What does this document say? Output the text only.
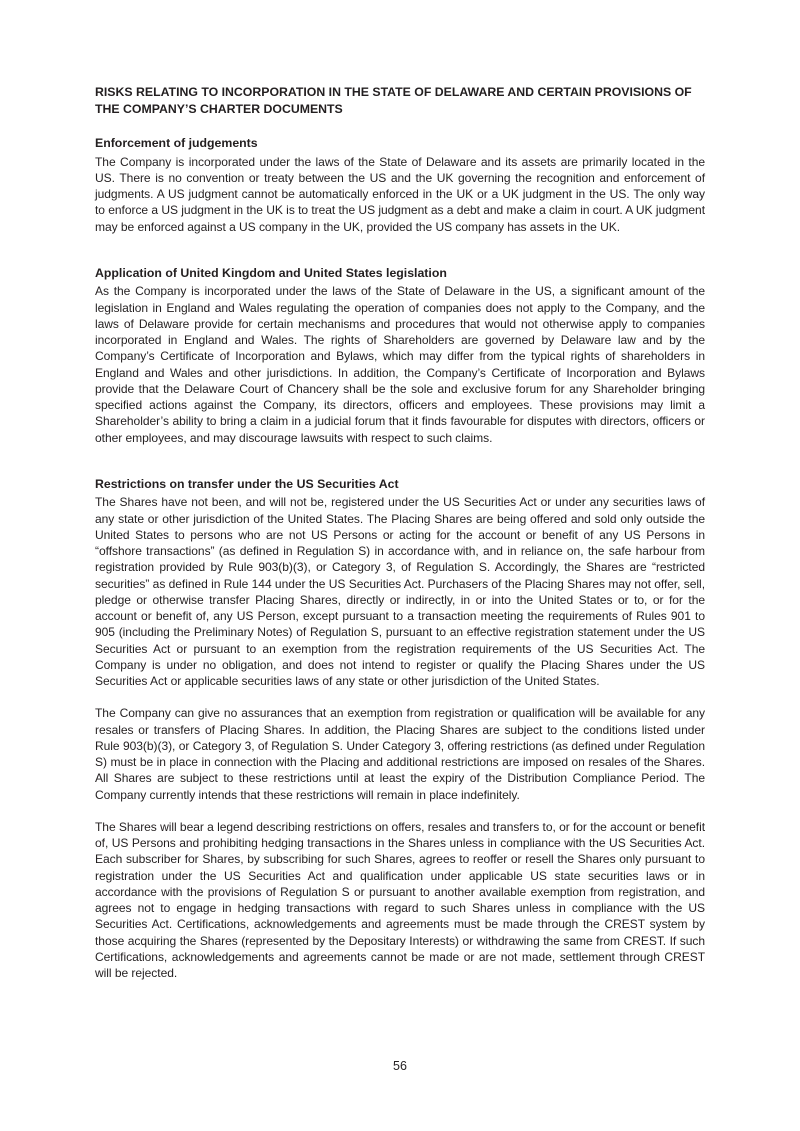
RISKS RELATING TO INCORPORATION IN THE STATE OF DELAWARE AND CERTAIN PROVISIONS OF THE COMPANY’S CHARTER DOCUMENTS
Enforcement of judgements

The Company is incorporated under the laws of the State of Delaware and its assets are primarily located in the US. There is no convention or treaty between the US and the UK governing the recognition and enforcement of judgments. A US judgment cannot be automatically enforced in the UK or a UK judgment in the US. The only way to enforce a US judgment in the UK is to treat the US judgment as a debt and make a claim in court. A UK judgment may be enforced against a US company in the UK, provided the US company has assets in the UK.

Application of United Kingdom and United States legislation

As the Company is incorporated under the laws of the State of Delaware in the US, a significant amount of the legislation in England and Wales regulating the operation of companies does not apply to the Company, and the laws of Delaware provide for certain mechanisms and procedures that would not otherwise apply to companies incorporated in England and Wales. The rights of Shareholders are governed by Delaware law and by the Company’s Certificate of Incorporation and Bylaws, which may differ from the typical rights of shareholders in England and Wales and other jurisdictions. In addition, the Company’s Certificate of Incorporation and Bylaws provide that the Delaware Court of Chancery shall be the sole and exclusive forum for any Shareholder bringing specified actions against the Company, its directors, officers and employees. These provisions may limit a Shareholder’s ability to bring a claim in a judicial forum that it finds favourable for disputes with directors, officers or other employees, and may discourage lawsuits with respect to such claims.

Restrictions on transfer under the US Securities Act

The Shares have not been, and will not be, registered under the US Securities Act or under any securities laws of any state or other jurisdiction of the United States. The Placing Shares are being offered and sold only outside the United States to persons who are not US Persons or acting for the account or benefit of any US Persons in “offshore transactions” (as defined in Regulation S) in accordance with, and in reliance on, the safe harbour from registration provided by Rule 903(b)(3), or Category 3, of Regulation S. Accordingly, the Shares are “restricted securities” as defined in Rule 144 under the US Securities Act. Purchasers of the Placing Shares may not offer, sell, pledge or otherwise transfer Placing Shares, directly or indirectly, in or into the United States or to, or for the account or benefit of, any US Person, except pursuant to a transaction meeting the requirements of Rules 901 to 905 (including the Preliminary Notes) of Regulation S, pursuant to an effective registration statement under the US Securities Act or pursuant to an exemption from the registration requirements of the US Securities Act. The Company is under no obligation, and does not intend to register or qualify the Placing Shares under the US Securities Act or applicable securities laws of any state or other jurisdiction of the United States.

The Company can give no assurances that an exemption from registration or qualification will be available for any resales or transfers of Placing Shares. In addition, the Placing Shares are subject to the conditions listed under Rule 903(b)(3), or Category 3, of Regulation S. Under Category 3, offering restrictions (as defined under Regulation S) must be in place in connection with the Placing and additional restrictions are imposed on resales of the Shares. All Shares are subject to these restrictions until at least the expiry of the Distribution Compliance Period. The Company currently intends that these restrictions will remain in place indefinitely.

The Shares will bear a legend describing restrictions on offers, resales and transfers to, or for the account or benefit of, US Persons and prohibiting hedging transactions in the Shares unless in compliance with the US Securities Act. Each subscriber for Shares, by subscribing for such Shares, agrees to reoffer or resell the Shares only pursuant to registration under the US Securities Act and qualification under applicable US state securities laws or in accordance with the provisions of Regulation S or pursuant to another available exemption from registration, and agrees not to engage in hedging transactions with regard to such Shares unless in compliance with the US Securities Act. Certifications, acknowledgements and agreements must be made through the CREST system by those acquiring the Shares (represented by the Depositary Interests) or withdrawing the same from CREST. If such Certifications, acknowledgements and agreements cannot be made or are not made, settlement through CREST will be rejected.

56
